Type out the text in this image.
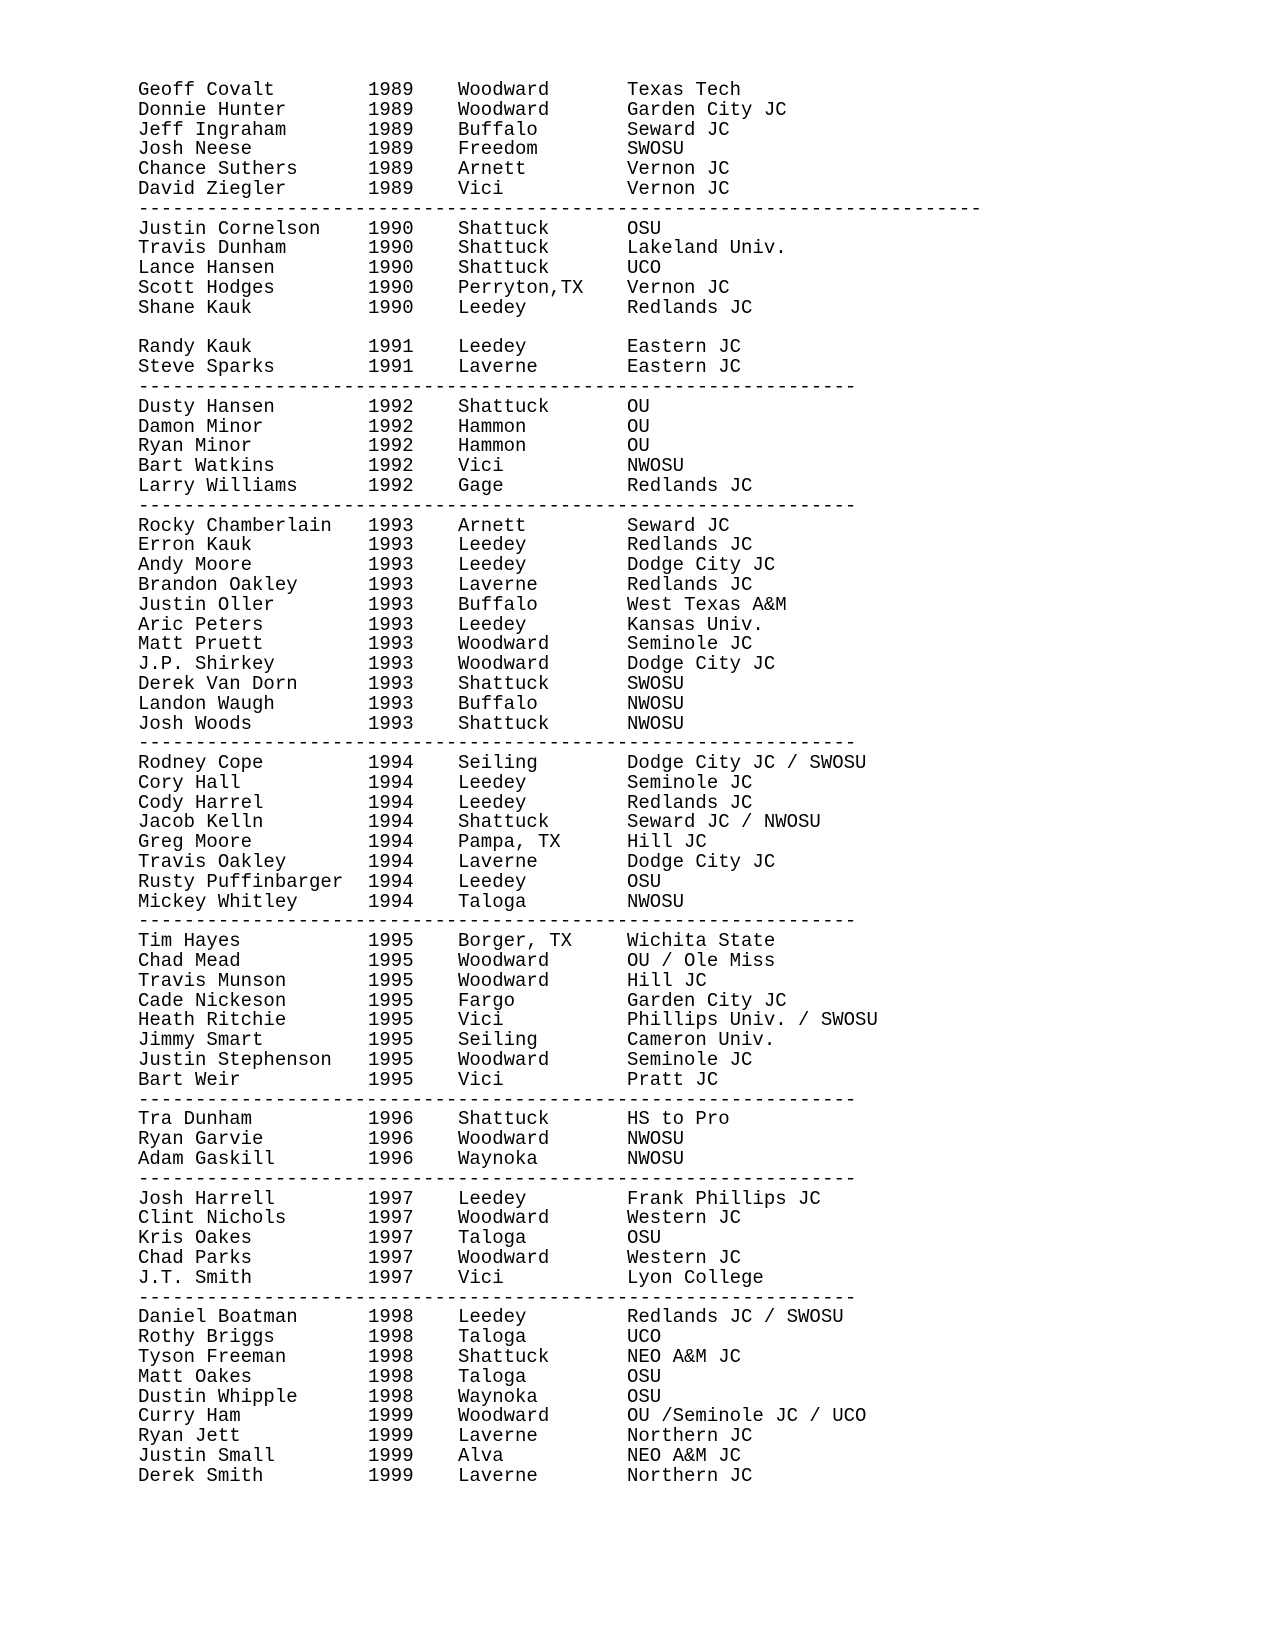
Geoff Covalt	1989	Woodward	Texas Tech
Donnie Hunter	1989	Woodward	Garden City JC
Jeff Ingraham	1989	Buffalo	Seward JC
Josh Neese	1989	Freedom	SWOSU
Chance Suthers	1989	Arnett	Vernon JC
David Ziegler	1989	Vici	Vernon JC
--------------------------------------------------------------------------
Justin Cornelson	1990	Shattuck	OSU
Travis Dunham	1990	Shattuck	Lakeland Univ.
Lance Hansen	1990	Shattuck	UCO
Scott Hodges	1990	Perryton,TX	Vernon JC
Shane Kauk	1990	Leedey	Redlands JC
Randy Kauk	1991	Leedey	Eastern JC
Steve Sparks	1991	Laverne	Eastern JC
---------------------------------------------------------------
Dusty Hansen	1992	Shattuck	OU
Damon Minor	1992	Hammon	OU
Ryan Minor	1992	Hammon	OU
Bart Watkins	1992	Vici	NWOSU
Larry Williams	1992	Gage	Redlands JC
---------------------------------------------------------------
Rocky Chamberlain	1993	Arnett	Seward JC
Erron Kauk	1993	Leedey	Redlands JC
Andy Moore	1993	Leedey	Dodge City JC
Brandon Oakley	1993	Laverne	Redlands JC
Justin Oller	1993	Buffalo	West Texas A&M
Aric Peters	1993	Leedey	Kansas Univ.
Matt Pruett	1993	Woodward	Seminole JC
J.P. Shirkey	1993	Woodward	Dodge City JC
Derek Van Dorn	1993	Shattuck	SWOSU
Landon Waugh	1993	Buffalo	NWOSU
Josh Woods	1993	Shattuck	NWOSU
---------------------------------------------------------------
Rodney Cope	1994	Seiling	Dodge City JC / SWOSU
Cory Hall	1994	Leedey	Seminole JC
Cody Harrel	1994	Leedey	Redlands JC
Jacob Kelln	1994	Shattuck	Seward JC / NWOSU
Greg Moore	1994	Pampa, TX	Hill JC
Travis Oakley	1994	Laverne	Dodge City JC
Rusty Puffinbarger	1994	Leedey	OSU
Mickey Whitley	1994	Taloga	NWOSU
---------------------------------------------------------------
Tim Hayes	1995	Borger, TX	Wichita State
Chad Mead	1995	Woodward	OU / Ole Miss
Travis Munson	1995	Woodward	Hill JC
Cade Nickeson	1995	Fargo	Garden City JC
Heath Ritchie	1995	Vici	Phillips Univ. / SWOSU
Jimmy Smart	1995	Seiling	Cameron Univ.
Justin Stephenson	1995	Woodward	Seminole JC
Bart Weir	1995	Vici	Pratt JC
---------------------------------------------------------------
Tra Dunham	1996	Shattuck	HS to Pro
Ryan Garvie	1996	Woodward	NWOSU
Adam Gaskill	1996	Waynoka	NWOSU
---------------------------------------------------------------
Josh Harrell	1997	Leedey	Frank Phillips JC
Clint Nichols	1997	Woodward	Western JC
Kris Oakes	1997	Taloga	OSU
Chad Parks	1997	Woodward	Western JC
J.T. Smith	1997	Vici	Lyon College
---------------------------------------------------------------
Daniel Boatman	1998	Leedey	Redlands JC / SWOSU
Rothy Briggs	1998	Taloga	UCO
Tyson Freeman	1998	Shattuck	NEO A&M JC
Matt Oakes	1998	Taloga	OSU
Dustin Whipple	1998	Waynoka	OSU
Curry Ham	1999	Woodward	OU /Seminole JC / UCO
Ryan Jett	1999	Laverne	Northern JC
Justin Small	1999	Alva	NEO A&M JC
Derek Smith	1999	Laverne	Northern JC
